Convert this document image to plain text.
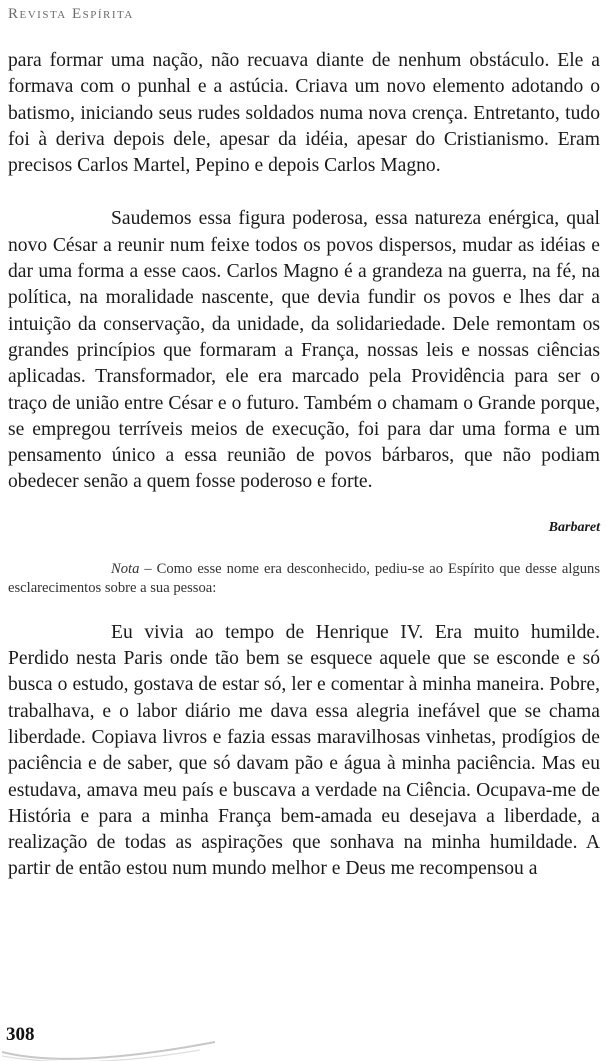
Revista Espírita

para formar uma nação, não recuava diante de nenhum obstáculo. Ele a formava com o punhal e a astúcia. Criava um novo elemento adotando o batismo, iniciando seus rudes soldados numa nova crença. Entretanto, tudo foi à deriva depois dele, apesar da idéia, apesar do Cristianismo. Eram precisos Carlos Martel, Pepino e depois Carlos Magno.

Saudemos essa figura poderosa, essa natureza enérgica, qual novo César a reunir num feixe todos os povos dispersos, mudar as idéias e dar uma forma a esse caos. Carlos Magno é a grandeza na guerra, na fé, na política, na moralidade nascente, que devia fundir os povos e lhes dar a intuição da conservação, da unidade, da solidariedade. Dele remontam os grandes princípios que formaram a França, nossas leis e nossas ciências aplicadas. Transformador, ele era marcado pela Providência para ser o traço de união entre César e o futuro. Também o chamam o Grande porque, se empregou terríveis meios de execução, foi para dar uma forma e um pensamento único a essa reunião de povos bárbaros, que não podiam obedecer senão a quem fosse poderoso e forte.

Barbaret

Nota – Como esse nome era desconhecido, pediu-se ao Espírito que desse alguns esclarecimentos sobre a sua pessoa:

Eu vivia ao tempo de Henrique IV. Era muito humilde. Perdido nesta Paris onde tão bem se esquece aquele que se esconde e só busca o estudo, gostava de estar só, ler e comentar à minha maneira. Pobre, trabalhava, e o labor diário me dava essa alegria inefável que se chama liberdade. Copiava livros e fazia essas maravilhosas vinhetas, prodígios de paciência e de saber, que só davam pão e água à minha paciência. Mas eu estudava, amava meu país e buscava a verdade na Ciência. Ocupava-me de História e para a minha França bem-amada eu desejava a liberdade, a realização de todas as aspirações que sonhava na minha humildade. A partir de então estou num mundo melhor e Deus me recompensou a

308
